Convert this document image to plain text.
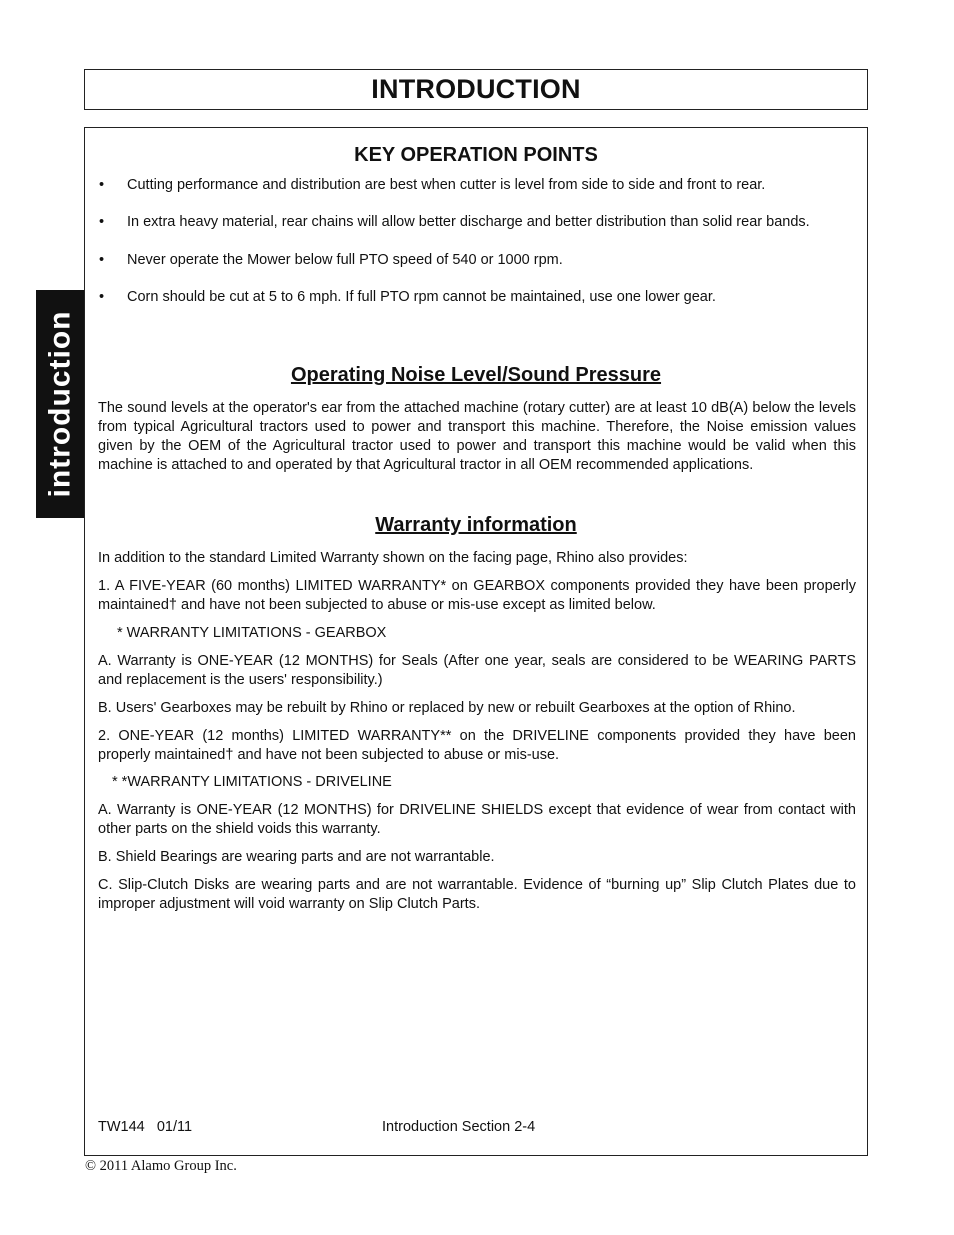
INTRODUCTION
introduction
KEY OPERATION POINTS
• Cutting performance and distribution are best when cutter is level from side to side and front to rear.
• In extra heavy material, rear chains will allow better discharge and better distribution than solid rear bands.
• Never operate the Mower below full PTO speed of 540 or 1000 rpm.
• Corn should be cut at 5 to 6 mph. If full PTO rpm cannot be maintained, use one lower gear.
Operating Noise Level/Sound Pressure

The sound levels at the operator's ear from the attached machine (rotary cutter) are at least 10 dB(A) below the levels from typical Agricultural tractors used to power and transport this machine. Therefore, the Noise emission values given by the OEM of the Agricultural tractor used to power and transport this machine would be valid when this machine is attached to and operated by that Agricultural tractor in all OEM recommended applications.

Warranty information

In addition to the standard Limited Warranty shown on the facing page, Rhino also provides:

1. A FIVE-YEAR (60 months) LIMITED WARRANTY* on GEARBOX components provided they have been properly maintained† and have not been subjected to abuse or mis-use except as limited below.

* WARRANTY LIMITATIONS - GEARBOX

A. Warranty is ONE-YEAR (12 MONTHS) for Seals (After one year, seals are considered to be WEARING PARTS and replacement is the users' responsibility.)

B. Users' Gearboxes may be rebuilt by Rhino or replaced by new or rebuilt Gearboxes at the option of Rhino.

2. ONE-YEAR (12 months) LIMITED WARRANTY** on the DRIVELINE components provided they have been properly maintained† and have not been subjected to abuse or mis-use.

* *WARRANTY LIMITATIONS - DRIVELINE

A. Warranty is ONE-YEAR (12 MONTHS) for DRIVELINE SHIELDS except that evidence of wear from contact with other parts on the shield voids this warranty.

B. Shield Bearings are wearing parts and are not warrantable.

C. Slip-Clutch Disks are wearing parts and are not warrantable. Evidence of “burning up” Slip Clutch Plates due to improper adjustment will void warranty on Slip Clutch Parts.

TW144   01/11	Introduction Section 2-4
© 2011 Alamo Group Inc.
